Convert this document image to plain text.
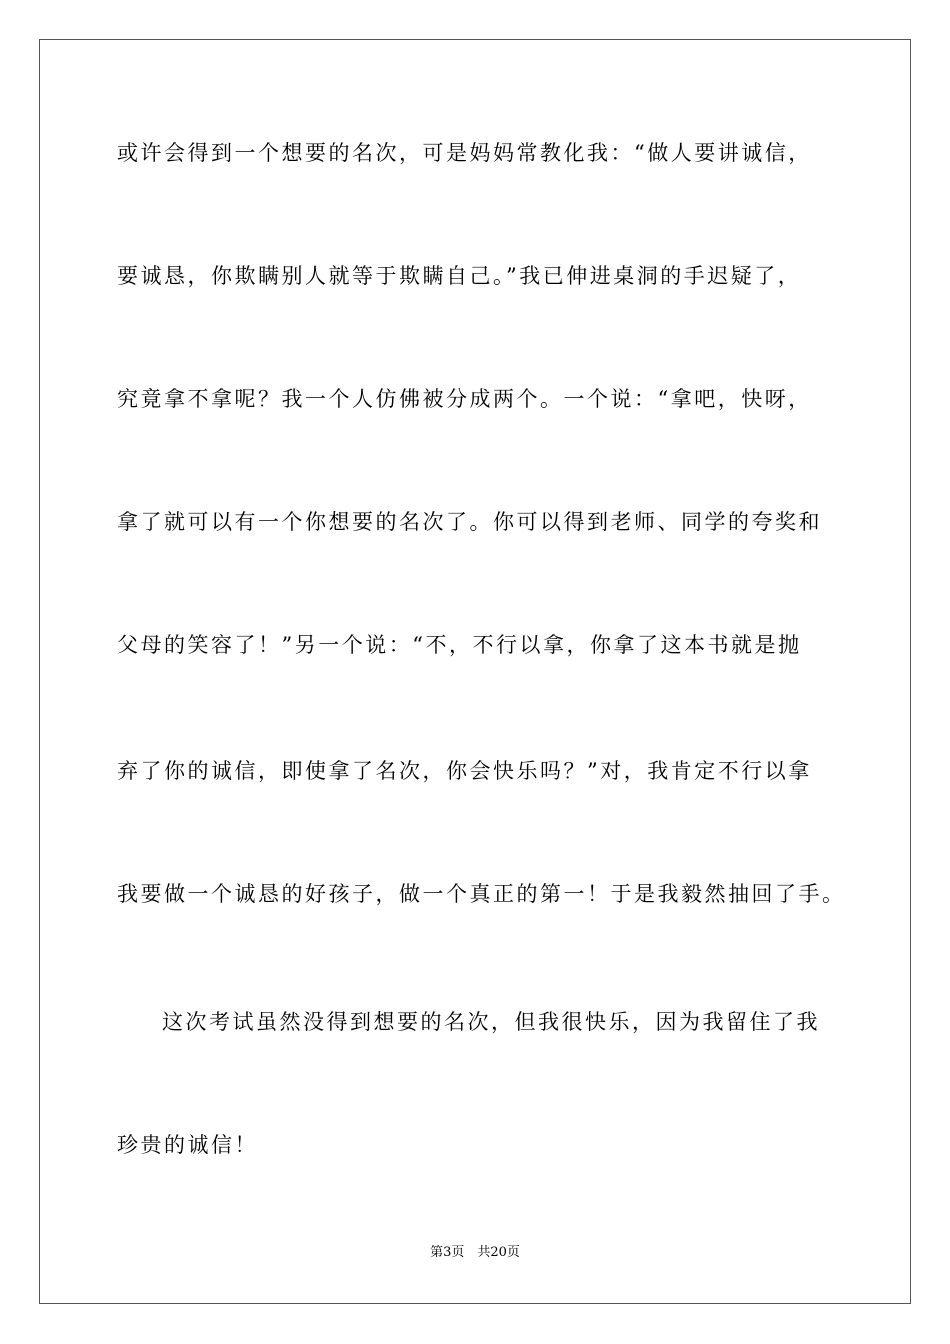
或许会得到一个想要的名次，可是妈妈常教化我：“做人要讲诚信，
要诚恳，你欺瞒别人就等于欺瞒自己。”我已伸进桌洞的手迟疑了，
究竟拿不拿呢？我一个人仿佛被分成两个。一个说：“拿吧，快呀，
拿了就可以有一个你想要的名次了。你可以得到老师、同学的夸奖和
父母的笑容了！”另一个说：“不，不行以拿，你拿了这本书就是抛
弃了你的诚信，即使拿了名次，你会快乐吗？”对，我肯定不行以拿
我要做一个诚恳的好孩子，做一个真正的第一！于是我毅然抽回了手。
这次考试虽然没得到想要的名次，但我很快乐，因为我留住了我
珍贵的诚信！
第3页　共20页
